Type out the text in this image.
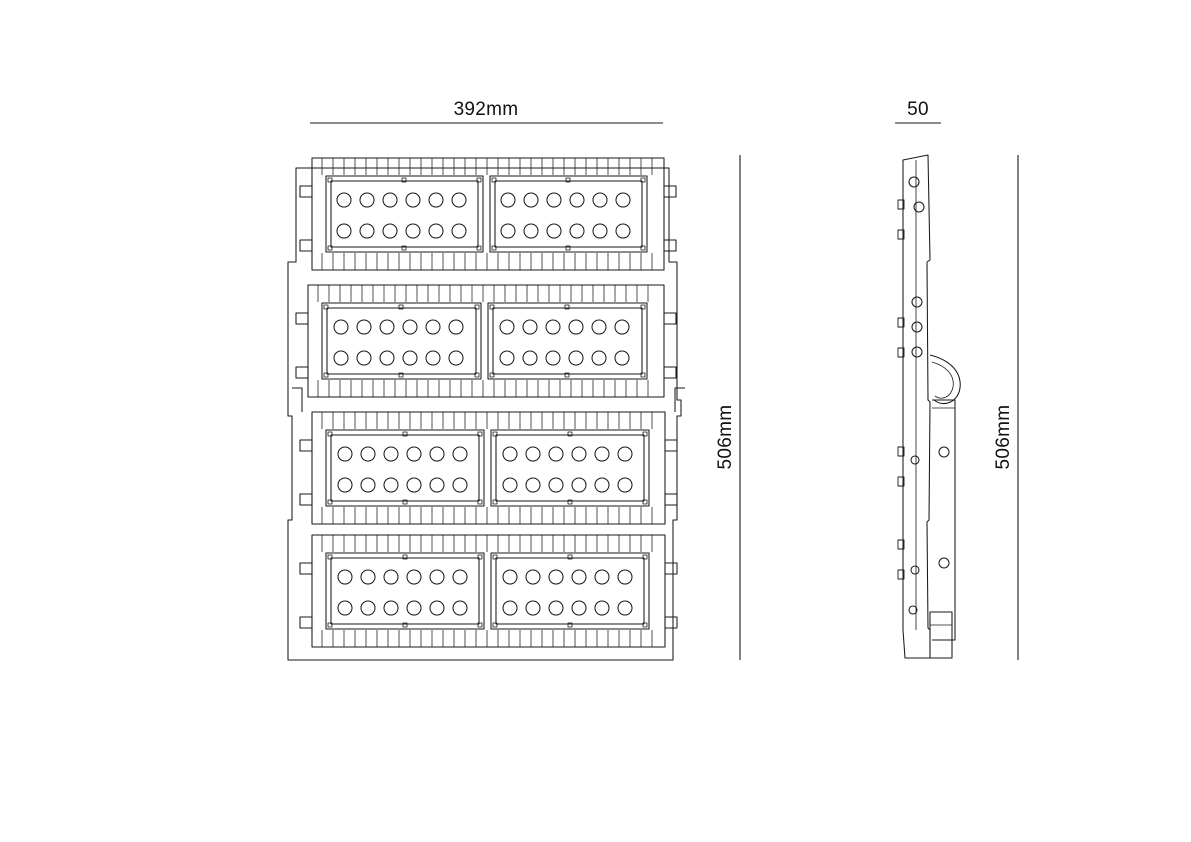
392mm
506mm
50
506mm
